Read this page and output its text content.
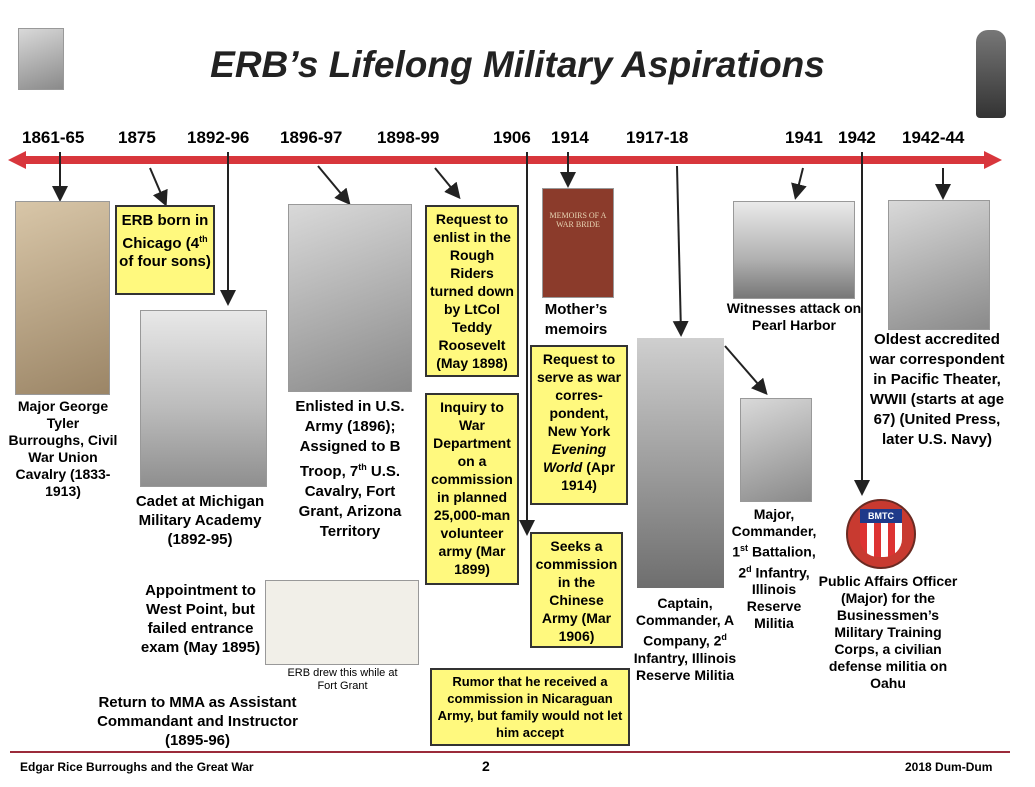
ERB’s Lifelong Military Aspirations
1861-65 1875 1892-96 1896-97 1898-99	1906 1914 1917-18	1941 1942 1942-44
Major George Tyler Burroughs, Civil War Union Cavalry (1833-1913)
ERB born in Chicago (4th of four sons)
Cadet at Michigan Military Academy (1892-95)
Appointment to West Point, but failed entrance exam (May 1895)
Return to MMA as Assistant Commandant and Instructor (1895-96)
Enlisted in U.S. Army (1896); Assigned to B Troop, 7th U.S. Cavalry, Fort Grant, Arizona Territory
ERB drew this while at Fort Grant
Request to enlist in the Rough Riders turned down by LtCol Teddy Roosevelt (May 1898)
Inquiry to War Department on a commission in planned 25,000-man volunteer army (Mar 1899)
MEMOIRS OF A WAR BRIDE
Mother’s memoirs
Request to serve as war corres-pondent, New York Evening World (Apr 1914)
Seeks a commission in the Chinese Army (Mar 1906)
Rumor that he received a commission in Nicaraguan Army, but family would not let him accept
Captain, Commander, A Company, 2$^d$ Infantry, Illinois Reserve Militia
Major, Commander, 1st Battalion, 2$^d$ Infantry, Illinois Reserve Militia
Witnesses attack on Pearl Harbor
Oldest accredited war correspondent in Pacific Theater, WWII (starts at age 67) (United Press, later U.S. Navy)
BMTC
Public Affairs Officer (Major) for the Businessmen’s Military Training Corps, a civilian defense militia on Oahu
Edgar Rice Burroughs and the Great War	2	2018 Dum-Dum
